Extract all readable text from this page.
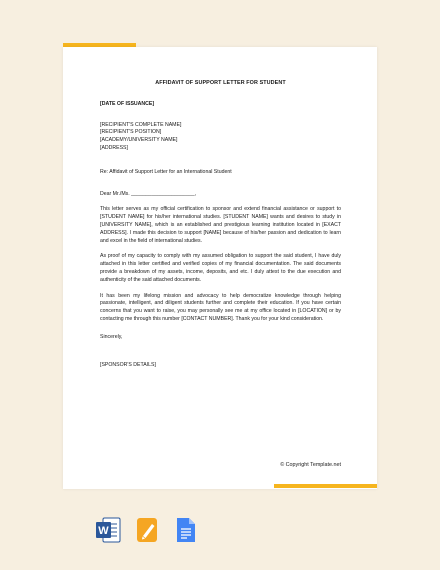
AFFIDAVIT OF SUPPORT LETTER FOR STUDENT
[DATE OF ISSUANCE]
[RECIPIENT'S COMPLETE NAME]
[RECIPIENT'S POSITION]
[ACADEMY/UNIVERSITY NAME]
[ADDRESS]
Re: Affidavit of Support Letter for an International Student
Dear Mr./Ms. ______________________,
This letter serves as my official certification to sponsor and extend financial assistance or support to [STUDENT NAME] for his/her international studies. [STUDENT NAME] wants and desires to study in [UNIVERSITY NAME], which is an established and prestigious learning institution located in [EXACT ADDRESS]. I made this decision to support [NAME] because of his/her passion and dedication to learn and excel in the field of international studies.
As proof of my capacity to comply with my assumed obligation to support the said student, I have duly attached in this letter certified and verified copies of my financial documentation. The said documents provide a breakdown of my assets, income, deposits, and etc. I duly attest to the due execution and authenticity of the said attached documents.
It has been my lifelong mission and advocacy to help democratize knowledge through helping passionate, intelligent, and diligent students further and complete their education. If you have certain concerns that you want to raise, you may personally see me at my office located in [LOCATION] or by contacting me through this number [CONTACT NUMBER]. Thank you for your kind consideration.
Sincerely,
[SPONSOR'S DETAILS]
© Copyright Template.net
W
